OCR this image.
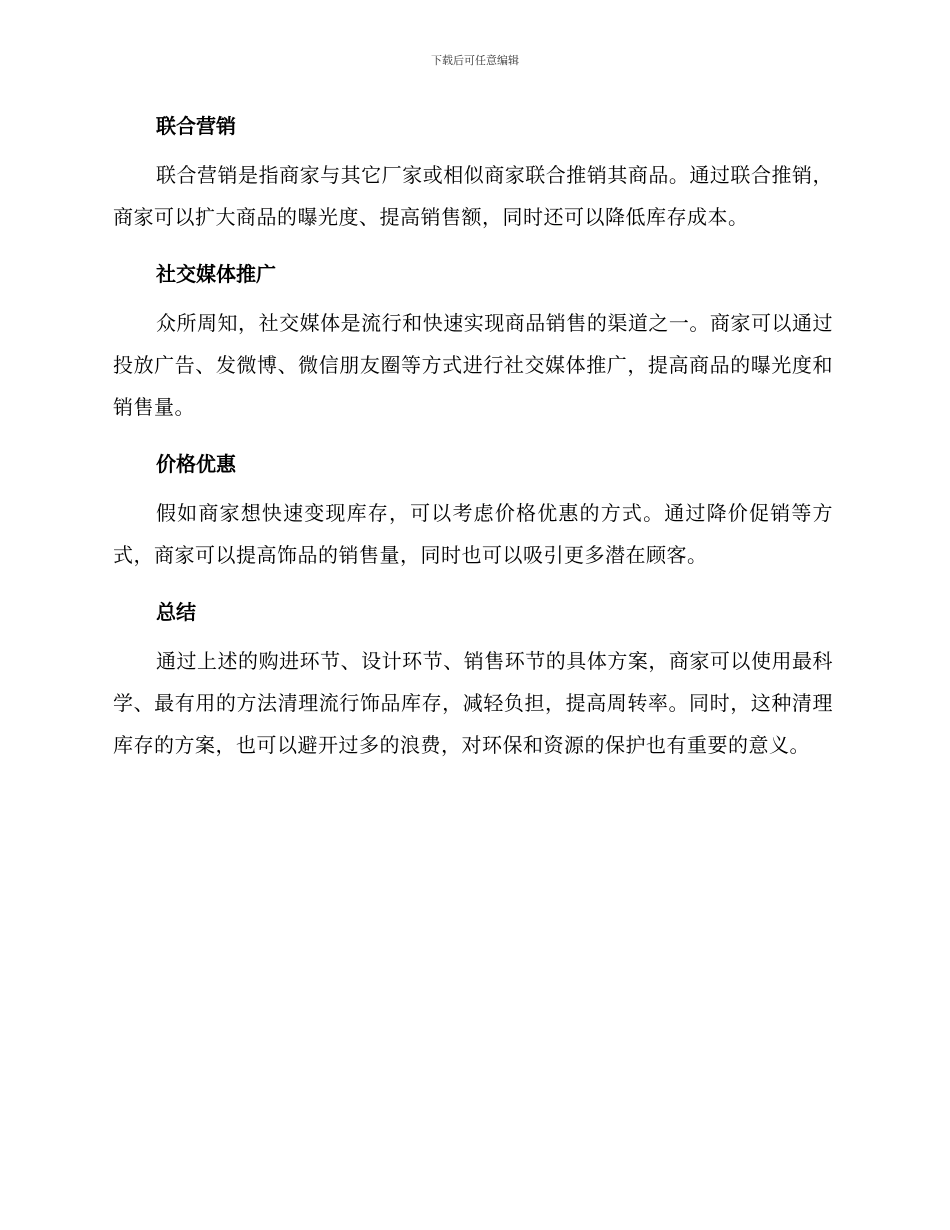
下载后可任意编辑
联合营销

联合营销是指商家与其它厂家或相似商家联合推销其商品。通过联合推销，商家可以扩大商品的曝光度、提高销售额，同时还可以降低库存成本。

社交媒体推广

众所周知，社交媒体是流行和快速实现商品销售的渠道之一。商家可以通过投放广告、发微博、微信朋友圈等方式进行社交媒体推广，提高商品的曝光度和销售量。

价格优惠

假如商家想快速变现库存，可以考虑价格优惠的方式。通过降价促销等方式，商家可以提高饰品的销售量，同时也可以吸引更多潜在顾客。

总结

通过上述的购进环节、设计环节、销售环节的具体方案，商家可以使用最科学、最有用的方法清理流行饰品库存，减轻负担，提高周转率。同时，这种清理库存的方案，也可以避开过多的浪费，对环保和资源的保护也有重要的意义。
